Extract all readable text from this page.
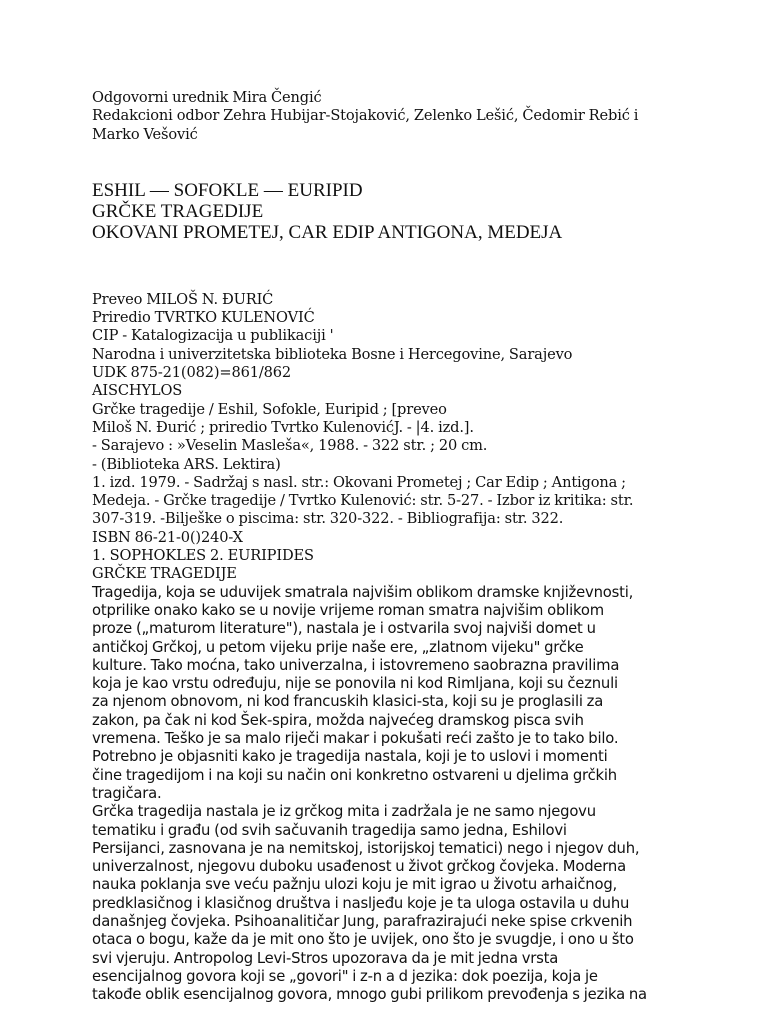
Odgovorni urednik Mira Čengić
Redakcioni odbor Zehra Hubijar-Stojaković, Zelenko Lešić, Čedomir Rebić i
Marko Vešović
ESHIL — SOFOKLE — EURIPID
GRČKE TRAGEDIJE
OKOVANI PROMETEJ, CAR EDIP ANTIGONA, MEDEJA
Preveo MILOŠ N. ĐURIĆ
Priredio TVRTKO KULENOVIĆ
CIP - Katalogizacija u publikaciji '
Narodna i univerzitetska biblioteka Bosne i Hercegovine, Sarajevo
UDK 875-21(082)=861/862
AISCHYLOS
Grčke tragedije / Eshil, Sofokle, Euripid ; [preveo
Miloš N. Đurić ; priredio Tvrtko KulenovićJ. - |4. izd.].
- Sarajevo : »Veselin Masleša«, 1988. - 322 str. ; 20 cm.
- (Biblioteka ARS. Lektira)
1. izd. 1979. - Sadržaj s nasl. str.: Okovani Prometej ; Car Edip ; Antigona ;
Medeja. - Grčke tragedije / Tvrtko Kulenović: str. 5-27. - Izbor iz kritika: str.
307-319. -Bilješke o piscima: str. 320-322. - Bibliografija: str. 322.
ISBN 86-21-0()240-X
1. SOPHOKLES 2. EURIPIDES
GRČKE TRAGEDIJE
Tragedija, koja se uduvijek smatrala najvišim oblikom dramske književnosti,
otprilike onako kako se u novije vrijeme roman smatra najvišim oblikom
proze („maturom literature"), nastala je i ostvarila svoj najviši domet u
antičkoj Grčkoj, u petom vijeku prije naše ere, „zlatnom vijeku" grčke
kulture. Tako moćna, tako univerzalna, i istovremeno saobrazna pravilima
koja je kao vrstu određuju, nije se ponovila ni kod Rimljana, koji su čeznuli
za njenom obnovom, ni kod francuskih klasici-sta, koji su je proglasili za
zakon, pa čak ni kod Šek-spira, možda najvećeg dramskog pisca svih
vremena. Teško je sa malo riječi makar i pokušati reći zašto je to tako bilo.
Potrebno je objasniti kako je tragedija nastala, koji je to uslovi i momenti
čine tragedijom i na koji su način oni konkretno ostvareni u djelima grčkih
tragičara.
Grčka tragedija nastala je iz grčkog mita i zadržala je ne samo njegovu
tematiku i građu (od svih sačuvanih tragedija samo jedna, Eshilovi
Persijanci, zasnovana je na nemitskoj, istorijskoj tematici) nego i njegov duh,
univerzalnost, njegovu duboku usađenost u život grčkog čovjeka. Moderna
nauka poklanja sve veću pažnju ulozi koju je mit igrao u životu arhaičnog,
predklasičnog i klasičnog društva i nasljeđu koje je ta uloga ostavila u duhu
današnjeg čovjeka. Psihoanalitičar Jung, parafrazirajući neke spise crkvenih
otaca o bogu, kaže da je mit ono što je uvijek, ono što je svugdje, i ono u što
svi vjeruju. Antropolog Levi-Stros upozorava da je mit jedna vrsta
esencijalnog govora koji se „govori" i z-n a d jezika: dok poezija, koja je
takođe oblik esencijalnog govora, mnogo gubi prilikom prevođenja s jezika na
